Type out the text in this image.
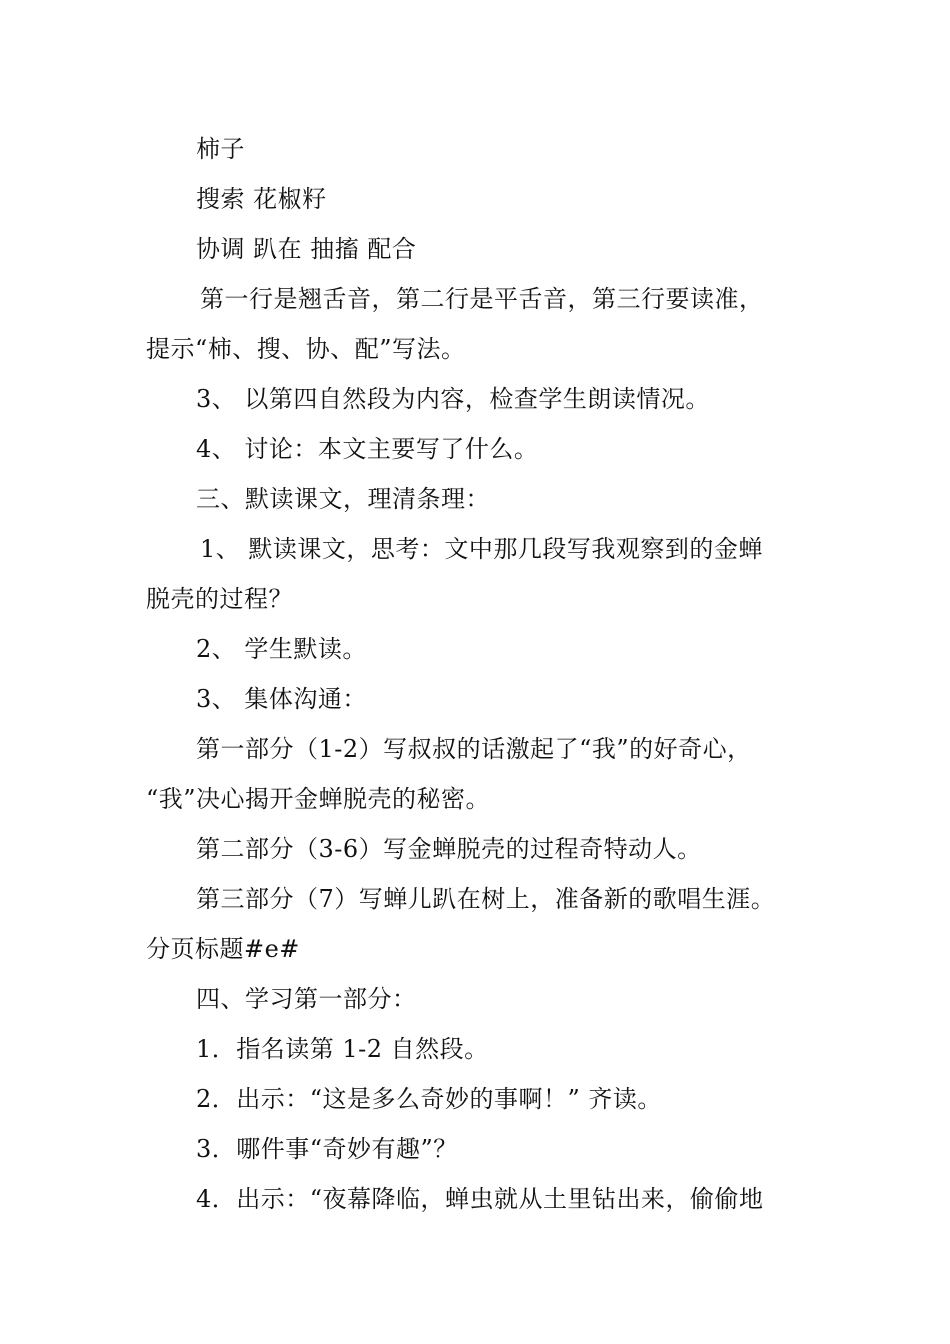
柿子
搜索 花椒籽
协调 趴在 抽搐 配合
第一行是翘舌音，第二行是平舌音，第三行要读准，
提示“柿、搜、协、配”写法。
3、 以第四自然段为内容，检查学生朗读情况。
4、 讨论：本文主要写了什么。
三、默读课文，理清条理：
1、 默读课文，思考：文中那几段写我观察到的金蝉
脱壳的过程？
2、 学生默读。
3、 集体沟通：
第一部分（1-2）写叔叔的话激起了“我”的好奇心，
“我”决心揭开金蝉脱壳的秘密。
第二部分（3-6）写金蝉脱壳的过程奇特动人。
第三部分（7）写蝉儿趴在树上，准备新的歌唱生涯。
分页标题#e#
四、学习第一部分：
1．指名读第 1-2 自然段。
2．出示：“这是多么奇妙的事啊！” 齐读。
3．哪件事“奇妙有趣”？
4．出示：“夜幕降临，蝉虫就从土里钻出来，偷偷地
